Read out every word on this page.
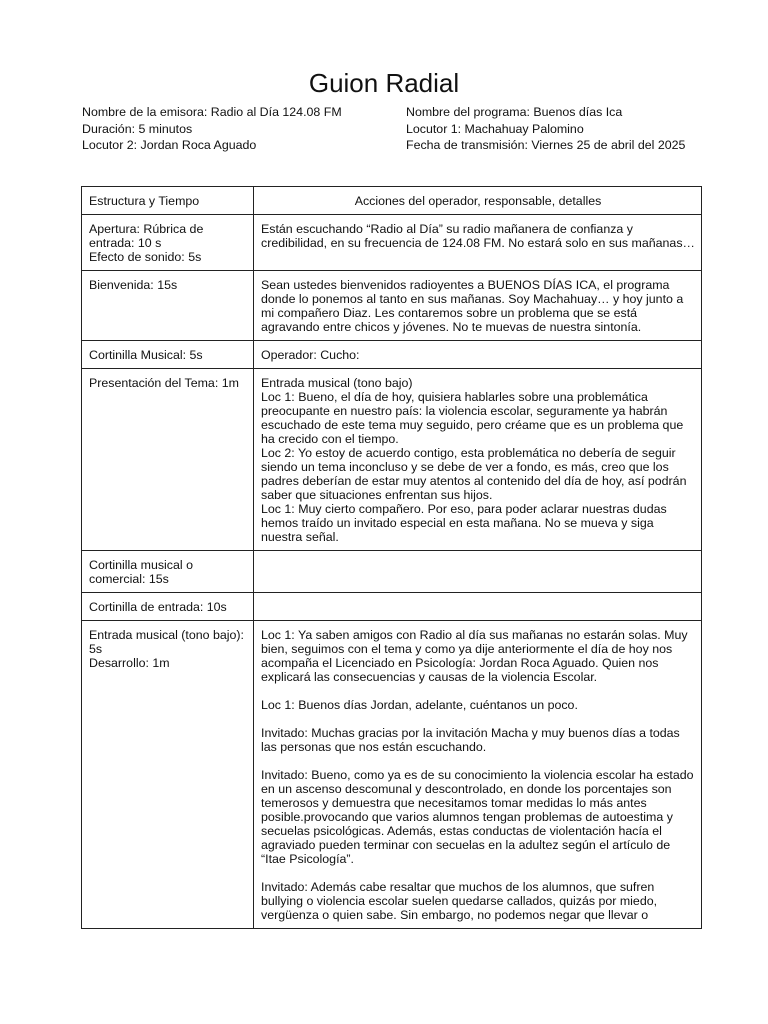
Guion Radial
Nombre de la emisora: Radio al Día 124.08 FM	Nombre del programa: Buenos días Ica
Duración: 5 minutos	Locutor 1: Machahuay Palomino
Locutor 2: Jordan Roca Aguado	Fecha de transmisión: Viernes 25 de abril del 2025
Estructura y Tiempo	Acciones del operador, responsable, detalles

Apertura: Rúbrica de entrada: 10 s
Efecto de sonido: 5s	Están escuchando “Radio al Día” su radio mañanera de confianza y credibilidad, en su frecuencia de 124.08 FM. No estará solo en sus mañanas…

Bienvenida: 15s	Sean ustedes bienvenidos radioyentes a BUENOS DÍAS ICA, el programa donde lo ponemos al tanto en sus mañanas. Soy Machahuay… y hoy junto a mi compañero Diaz. Les contaremos sobre un problema que se está agravando entre chicos y jóvenes. No te muevas de nuestra sintonía.

Cortinilla Musical: 5s	Operador: Cucho:

Presentación del Tema: 1m	Entrada musical (tono bajo)
Loc 1: Bueno, el día de hoy, quisiera hablarles sobre una problemática preocupante en nuestro país: la violencia escolar, seguramente ya habrán escuchado de este tema muy seguido, pero créame que es un problema que ha crecido con el tiempo.
Loc 2: Yo estoy de acuerdo contigo, esta problemática no debería de seguir siendo un tema inconcluso y se debe de ver a fondo, es más, creo que los padres deberían de estar muy atentos al contenido del día de hoy, así podrán saber que situaciones enfrentan sus hijos.
Loc 1: Muy cierto compañero. Por eso, para poder aclarar nuestras dudas hemos traído un invitado especial en esta mañana. No se mueva y siga nuestra señal.

Cortinilla musical o comercial: 15s	

Cortinilla de entrada: 10s	

Entrada musical (tono bajo): 5s
Desarrollo: 1m	Loc 1: Ya saben amigos con Radio al día sus mañanas no estarán solas. Muy bien, seguimos con el tema y como ya dije anteriormente el día de hoy nos acompaña el Licenciado en Psicología: Jordan Roca Aguado. Quien nos explicará las consecuencias y causas de la violencia Escolar.
Loc 1: Buenos días Jordan, adelante, cuéntanos un poco.
Invitado: Muchas gracias por la invitación Macha y muy buenos días a todas las personas que nos están escuchando.
Invitado: Bueno, como ya es de su conocimiento la violencia escolar ha estado en un ascenso descomunal y descontrolado, en donde los porcentajes son temerosos y demuestra que necesitamos tomar medidas lo más antes posible.provocando que varios alumnos tengan problemas de autoestima y secuelas psicológicas. Además, estas conductas de violentación hacía el agraviado pueden terminar con secuelas en la adultez según el artículo de “Itae Psicología”.
Invitado: Además cabe resaltar que muchos de los alumnos, que sufren bullying o violencia escolar suelen quedarse callados, quizás por miedo, vergüenza o quien sabe. Sin embargo, no podemos negar que llevar o
